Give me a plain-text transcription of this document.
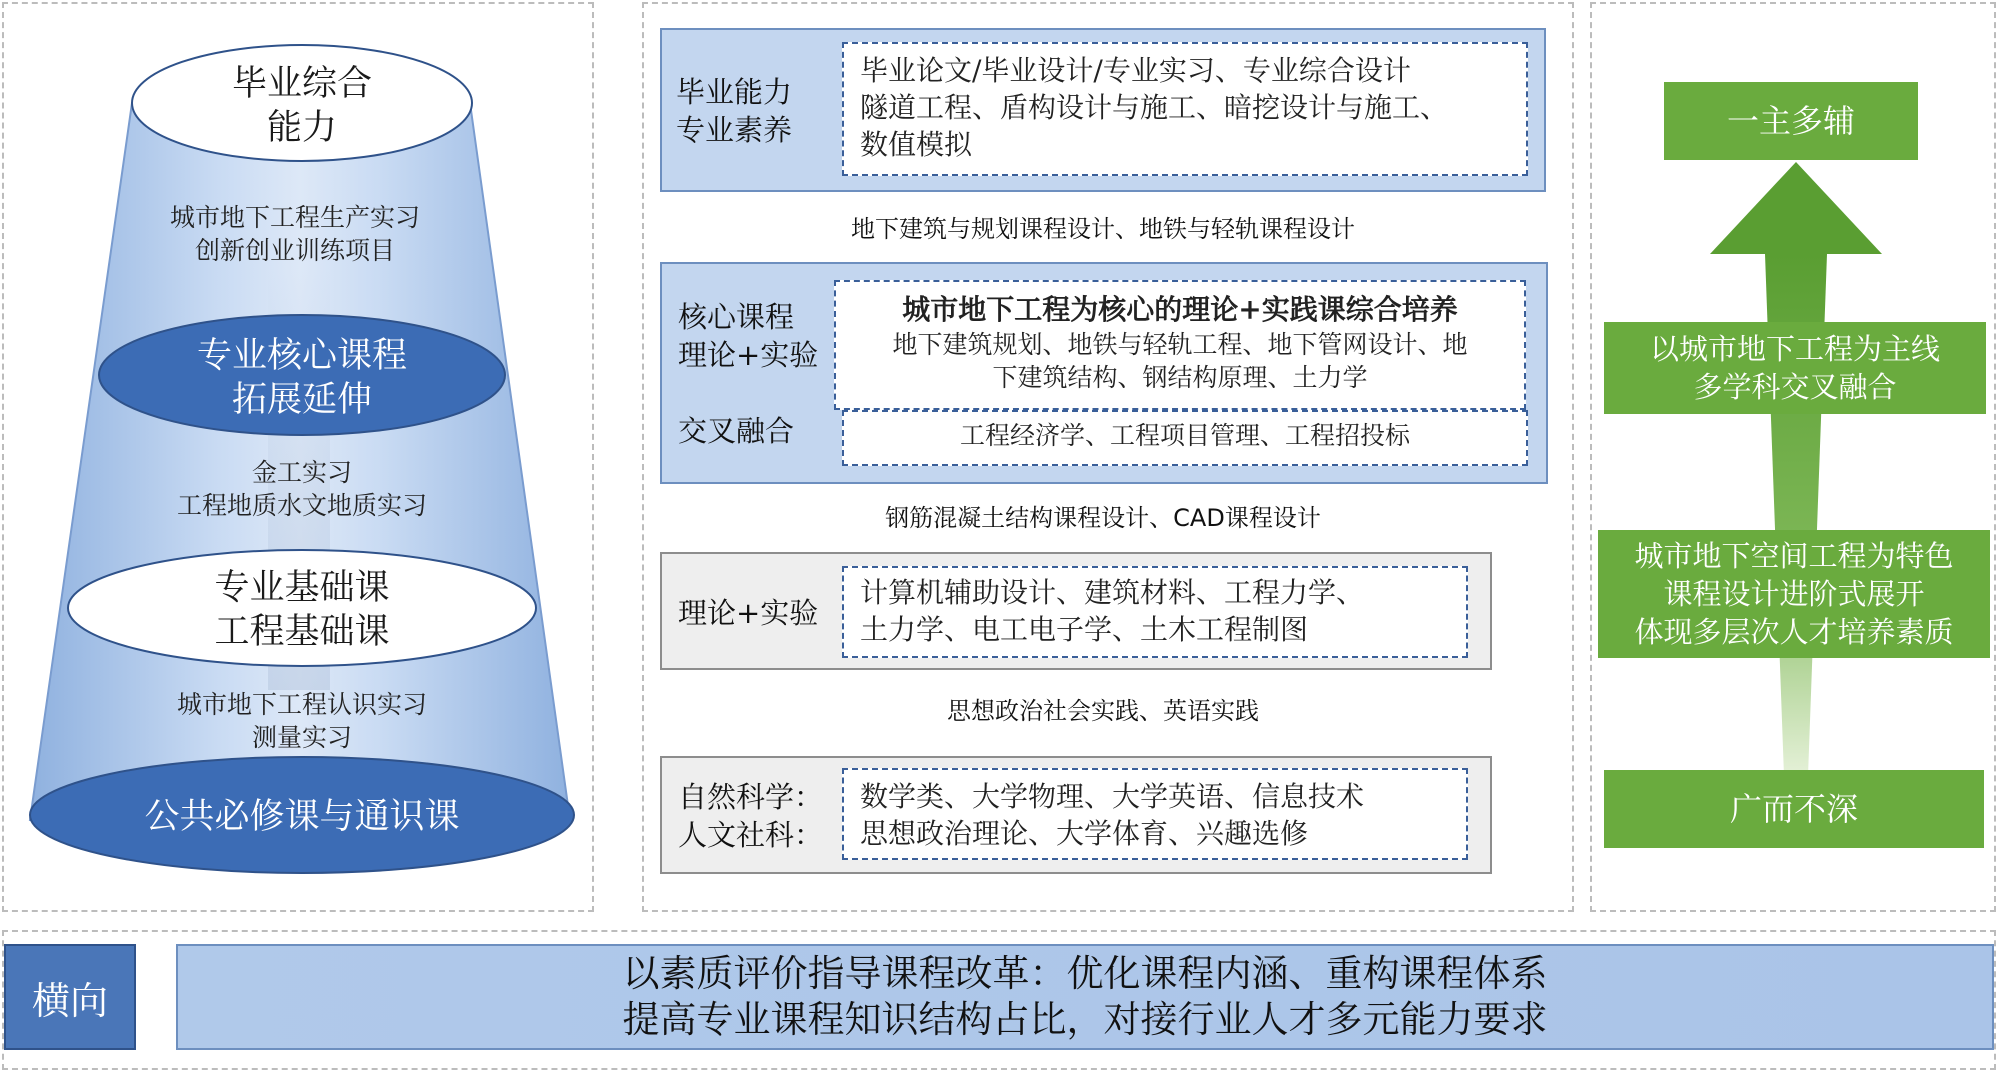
毕业综合
能力
城市地下工程生产实习
创新创业训练项目
专业核心课程
拓展延伸
金工实习
工程地质水文地质实习
专业基础课
工程基础课
城市地下工程认识实习
测量实习
公共必修课与通识课
毕业能力
专业素养
毕业论文/毕业设计/专业实习、专业综合设计
隧道工程、盾构设计与施工、暗挖设计与施工、
数值模拟
地下建筑与规划课程设计、地铁与轻轨课程设计
核心课程
理论+实验
城市地下工程为核心的理论+实践课综合培养
地下建筑规划、地铁与轻轨工程、地下管网设计、地
下建筑结构、钢结构原理、土力学
交叉融合	工程经济学、工程项目管理、工程招投标
钢筋混凝土结构课程设计、CAD课程设计
理论+实验
计算机辅助设计、建筑材料、工程力学、
土力学、电工电子学、土木工程制图
思想政治社会实践、英语实践
自然科学：
人文社科：
数学类、大学物理、大学英语、信息技术
思想政治理论、大学体育、兴趣选修
一主多辅
以城市地下工程为主线
多学科交叉融合
城市地下空间工程为特色
课程设计进阶式展开
体现多层次人才培养素质
广而不深
横向
以素质评价指导课程改革：优化课程内涵、重构课程体系
提高专业课程知识结构占比，对接行业人才多元能力要求
